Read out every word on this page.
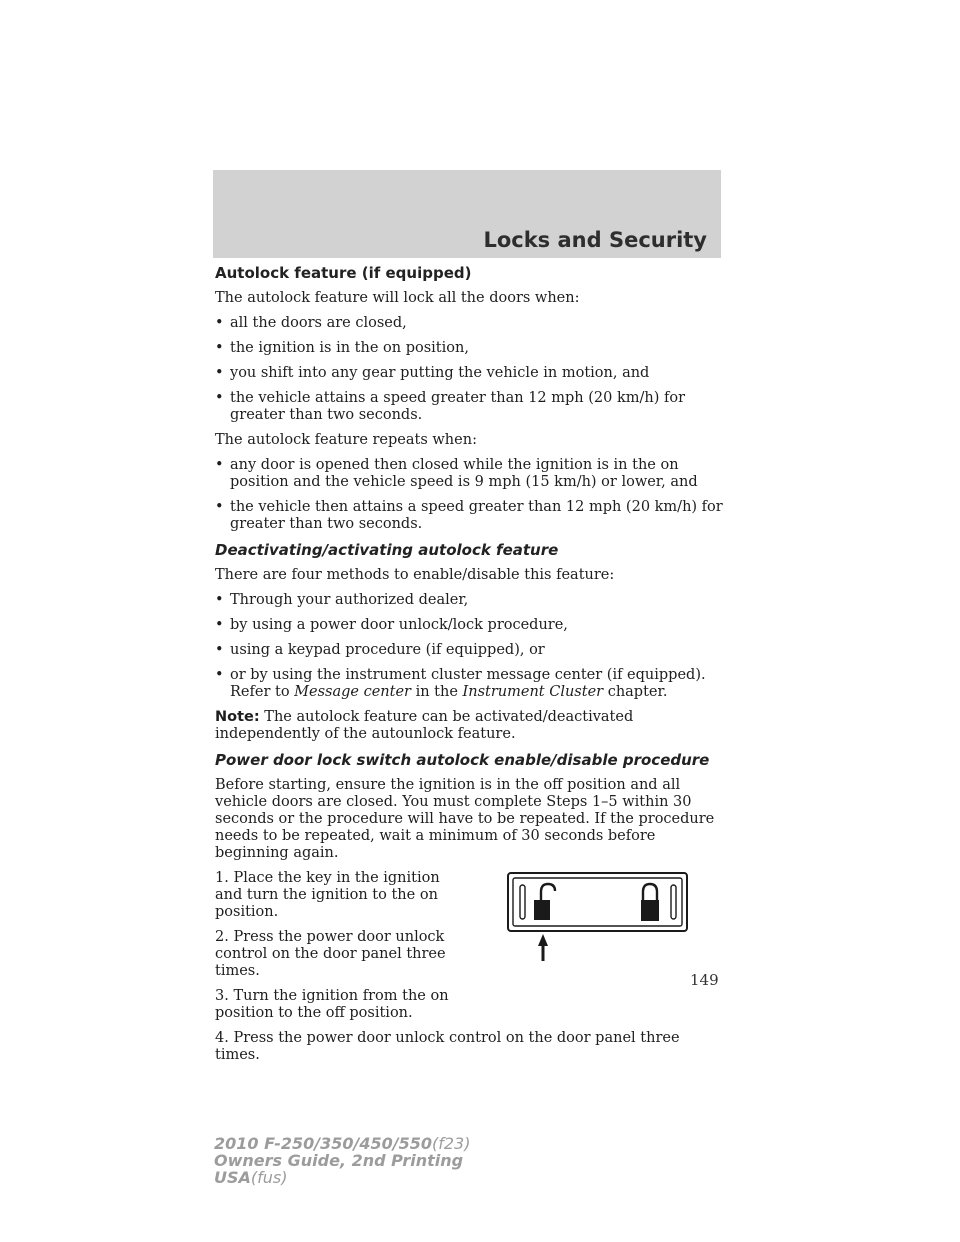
Locks and Security
Autolock feature (if equipped)

The autolock feature will lock all the doors when:

• all the doors are closed,
• the ignition is in the on position,
• you shift into any gear putting the vehicle in motion, and
• the vehicle attains a speed greater than 12 mph (20 km/h) for greater than two seconds.

The autolock feature repeats when:

• any door is opened then closed while the ignition is in the on position and the vehicle speed is 9 mph (15 km/h) or lower, and
• the vehicle then attains a speed greater than 12 mph (20 km/h) for greater than two seconds.
Deactivating/activating autolock feature

There are four methods to enable/disable this feature:

• Through your authorized dealer,
• by using a power door unlock/lock procedure,
• using a keypad procedure (if equipped), or
• or by using the instrument cluster message center (if equipped). Refer to Message center in the Instrument Cluster chapter.

Note: The autolock feature can be activated/deactivated independently of the autounlock feature.

Power door lock switch autolock enable/disable procedure

Before starting, ensure the ignition is in the off position and all vehicle doors are closed. You must complete Steps 1–5 within 30 seconds or the procedure will have to be repeated. If the procedure needs to be repeated, wait a minimum of 30 seconds before beginning again.

1. Place the key in the ignition and turn the ignition to the on position.

2. Press the power door unlock control on the door panel three times.

3. Turn the ignition from the on position to the off position.

4. Press the power door unlock control on the door panel three times.

149
2010 F-250/350/450/550(f23)
Owners Guide, 2nd Printing
USA(fus)
